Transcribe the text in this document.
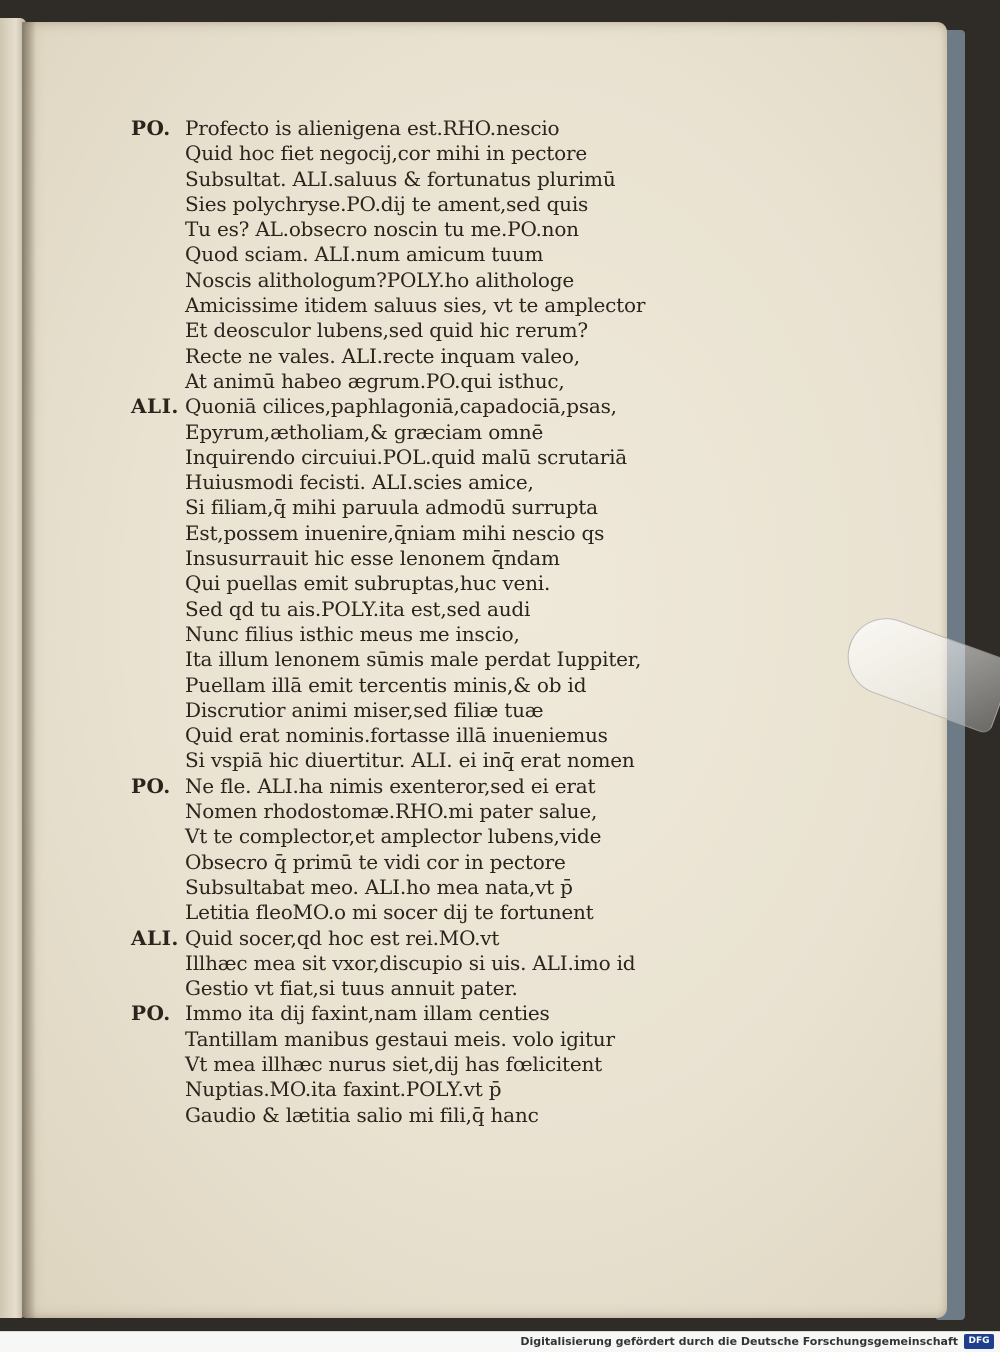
PO. Profecto is alienigena est.RHO.nescio
Quid hoc fiet negocij,cor mihi in pectore
Subsultat. ALI.saluus & fortunatus plurimū
Sies polychryse.PO.dij te ament,sed quis
Tu es? AL.obsecro noscin tu me.PO.non
Quod sciam. ALI.num amicum tuum
Noscis alithologum?POLY.ho alithologe
Amicissime itidem saluus sies, vt te amplector
Et deosculor lubens,sed quid hic rerum?
Recte ne vales. ALI.recte inquam valeo,
At animū habeo ægrum.PO.qui isthuc,
ALI. Quoniā cilices,paphlagoniā,capadociā,psas,
Epyrum,ætholiam,& græciam omnē
Inquirendo circuiui.POL.quid malū scrutariā
Huiusmodi fecisti. ALI.scies amice,
Si filiam,q̄ mihi paruula admodū surrupta
Est,possem inuenire,q̄niam mihi nescio qs
Insusurrauit hic esse lenonem q̄ndam
Qui puellas emit subruptas,huc veni.
Sed qd tu ais.POLY.ita est,sed audi
Nunc filius isthic meus me inscio,
Ita illum lenonem sūmis male perdat Iuppiter,
Puellam illā emit tercentis minis,& ob id
Discrutior animi miser,sed filiæ tuæ
Quid erat nominis.fortasse illā inueniemus
Si vspiā hic diuertitur. ALI. ei inq̄ erat nomen
PO. Ne fle. ALI.ha nimis exenteror,sed ei erat
Nomen rhodostomæ.RHO.mi pater salue,
Vt te complector,et amplector lubens,vide
Obsecro q̄ primū te vidi cor in pectore
Subsultabat meo. ALI.ho mea nata,vt p̄
Letitia fleoMO.o mi socer dij te fortunent
ALI. Quid socer,qd hoc est rei.MO.vt
Illhæc mea sit vxor,discupio si uis. ALI.imo id
Gestio vt fiat,si tuus annuit pater.
PO. Immo ita dij faxint,nam illam centies
Tantillam manibus gestaui meis. volo igitur
Vt mea illhæc nurus siet,dij has fœlicitent
Nuptias.MO.ita faxint.POLY.vt p̄
Gaudio & lætitia salio mi fili,q̄ hanc
Digitalisierung gefördert durch die Deutsche Forschungsgemeinschaft	DFG
